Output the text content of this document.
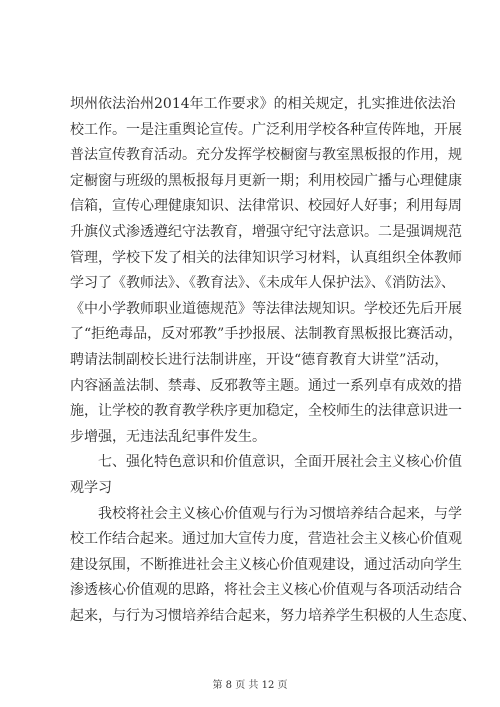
坝州依法治州2014年工作要求》的相关规定，扎实推进依法治
校工作。一是注重舆论宣传。广泛利用学校各种宣传阵地，开展
普法宣传教育活动。充分发挥学校橱窗与教室黑板报的作用，规
定橱窗与班级的黑板报每月更新一期；利用校园广播与心理健康
信箱，宣传心理健康知识、法律常识、校园好人好事；利用每周
升旗仪式渗透遵纪守法教育，增强守纪守法意识。二是强调规范
管理，学校下发了相关的法律知识学习材料，认真组织全体教师
学习了《教师法》、《教育法》、《未成年人保护法》、《消防法》、
《中小学教师职业道德规范》等法律法规知识。学校还先后开展
了“拒绝毒品，反对邪教”手抄报展、法制教育黑板报比赛活动，
聘请法制副校长进行法制讲座，开设“德育教育大讲堂”活动，
内容涵盖法制、禁毒、反邪教等主题。通过一系列卓有成效的措
施，让学校的教育教学秩序更加稳定，全校师生的法律意识进一
步增强，无违法乱纪事件发生。
七、强化特色意识和价值意识，全面开展社会主义核心价值
观学习
我校将社会主义核心价值观与行为习惯培养结合起来，与学
校工作结合起来。通过加大宣传力度，营造社会主义核心价值观
建设氛围，不断推进社会主义核心价值观建设，通过活动向学生
渗透核心价值观的思路，将社会主义核心价值观与各项活动结合
起来，与行为习惯培养结合起来，努力培养学生积极的人生态度、
第 8 页 共 12 页
